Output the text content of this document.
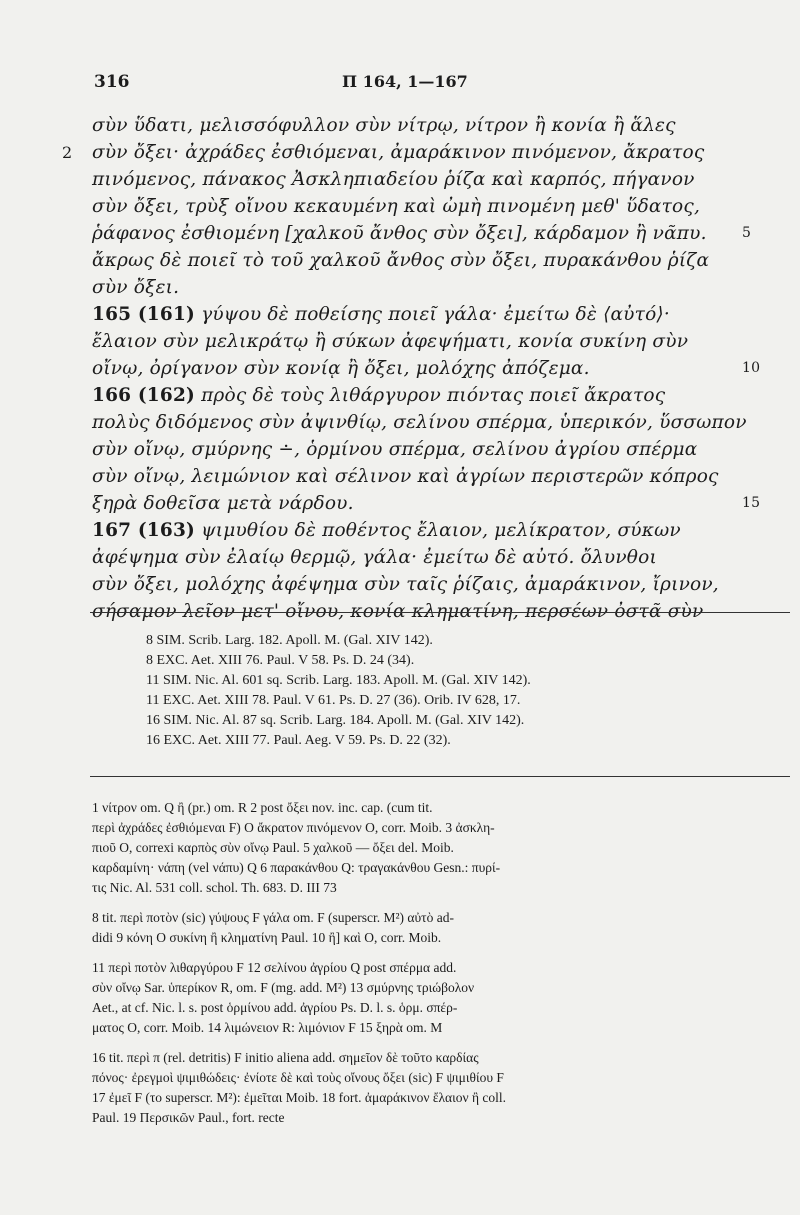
316	Π 164, 1—167
σὺν ὕδατι, μελισσόφυλλον σὺν νίτρῳ, νίτρον ἢ κονία ἢ ἅλες
2 σὺν ὄξει· ἀχράδες ἐσθιόμεναι, ἀμαράκινον πινόμενον, ἄκρατος
πινόμενος, πάνακος Ἀσκληπιαδείου ῥίζα καὶ καρπός, πήγανον
σὺν ὄξει, τρὺξ οἴνου κεκαυμένη καὶ ὠμὴ πινομένη μεθ' ὕδατος,
ῥάφανος ἐσθιομένη [χαλκοῦ ἄνθος σὺν ὄξει], κάρδαμον ἢ νᾶπυ.	5
ἄκρως δὲ ποιεῖ τὸ τοῦ χαλκοῦ ἄνθος σὺν ὄξει, πυρακάνθου ῥίζα
σὺν ὄξει.
165 (161) γύψου δὲ ποθείσης ποιεῖ γάλα· ἐμείτω δὲ ⟨αὐτό⟩·
ἔλαιον σὺν μελικράτῳ ἢ σύκων ἀφεψήματι, κονία συκίνη σὺν
οἴνῳ, ὀρίγανον σὺν κονίᾳ ἢ ὄξει, μολόχης ἀπόζεμα.	10
166 (162) πρὸς δὲ τοὺς λιθάργυρον πιόντας ποιεῖ ἄκρατος
πολὺς διδόμενος σὺν ἀψινθίῳ, σελίνου σπέρμα, ὑπερικόν, ὕσσωπον
σὺν οἴνῳ, σμύρνης ∸, ὁρμίνου σπέρμα, σελίνου ἀγρίου σπέρμα
σὺν οἴνῳ, λειμώνιον καὶ σέλινον καὶ ἀγρίων περιστερῶν κόπρος
ξηρὰ δοθεῖσα μετὰ νάρδου.	15
167 (163) ψιμυθίου δὲ ποθέντος ἔλαιον, μελίκρατον, σύκων
ἀφέψημα σὺν ἐλαίῳ θερμῷ, γάλα· ἐμείτω δὲ αὐτό. ὄλυνθοι
σὺν ὄξει, μολόχης ἀφέψημα σὺν ταῖς ῥίζαις, ἀμαράκινον, ἴρινον,
σήσαμον λεῖον μετ' οἴνου, κονία κληματίνη, περσέων ὀστᾶ σὺν
8 SIM. Scrib. Larg. 182. Apoll. M. (Gal. XIV 142).
8 EXC. Aet. XIII 76. Paul. V 58. Ps. D. 24 (34).
11 SIM. Nic. Al. 601 sq. Scrib. Larg. 183. Apoll. M. (Gal. XIV 142).
11 EXC. Aet. XIII 78. Paul. V 61. Ps. D. 27 (36). Orib. IV 628, 17.
16 SIM. Nic. Al. 87 sq. Scrib. Larg. 184. Apoll. M. (Gal. XIV 142).
16 EXC. Aet. XIII 77. Paul. Aeg. V 59. Ps. D. 22 (32).
1 νίτρον om. Q ἢ (pr.) om. R 2 post ὄξει nov. inc. cap. (cum tit.
περὶ ἀχράδες ἐσθιόμεναι F) O ἄκρατον πινόμενον O, corr. Moib. 3 ἀσκλη-
πιοῦ O, correxi καρπὸς σὺν οἴνῳ Paul. 5 χαλκοῦ — ὄξει del. Moib.
καρδαμίνη· νάπη (vel νάπυ) Q 6 παρακάνθου Q: τραγακάνθου Gesn.: πυρί-
τις Nic. Al. 531 coll. schol. Th. 683. D. III 73
8 tit. περὶ ποτὸν (sic) γύψους F γάλα om. F (superscr. M²) αὐτὸ ad-
didi 9 κόνη O συκίνη ἢ κληματίνη Paul. 10 ἢ] καὶ O, corr. Moib.
11 περὶ ποτὸν λιθαργύρου F 12 σελίνου ἀγρίου Q post σπέρμα add.
σὺν οἴνῳ Sar. ὑπερίκον R, om. F (mg. add. M²) 13 σμύρνης τριώβολον
Aet., at cf. Nic. l. s. post ὁρμίνου add. ἀγρίου Ps. D. l. s. ὁρμ. σπέρ-
ματος O, corr. Moib. 14 λιμώνειον R: λιμόνιον F 15 ξηρὰ om. M
16 tit. περὶ π (rel. detritis) F initio aliena add. σημεῖον δὲ τοῦτο καρδίας
πόνος· ἐρεγμοὶ ψιμιθώδεις· ἐνίοτε δὲ καὶ τοὺς οἴνους ὄξει (sic) F ψιμιθίου F
17 ἐμεῖ F (το superscr. M²): ἐμεῖται Moib. 18 fort. ἀμαράκινον ἔλαιον ἢ coll.
Paul. 19 Περσικῶν Paul., fort. recte
